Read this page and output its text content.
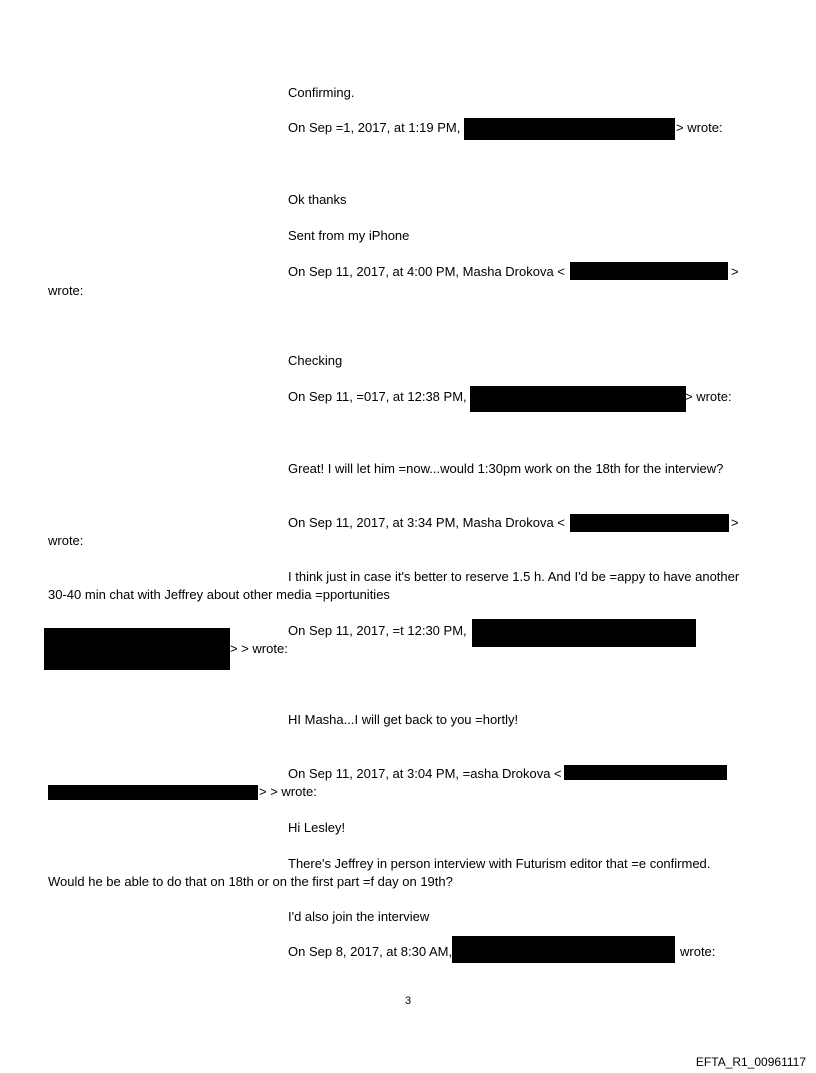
Confirming.
On Sep =1, 2017, at 1:19 PM,	> wrote:
Ok thanks
Sent from my iPhone
On Sep 11, 2017, at 4:00 PM, Masha Drokova <	>
wrote:
Checking
On Sep 11, =017, at 12:38 PM,	> wrote:
Great! I will let him =now...would 1:30pm work on the 18th for the interview?
On Sep 11, 2017, at 3:34 PM, Masha Drokova <	>
wrote:
I think just in case it's better to reserve 1.5 h. And I'd be =appy to have another
30-40 min chat with Jeffrey about other media =pportunities
On Sep 11, 2017, =t 12:30 PM,
> > wrote:
HI Masha...I will get back to you =hortly!
On Sep 11, 2017, at 3:04 PM, =asha Drokova <
> > wrote:
Hi Lesley!
There's Jeffrey in person interview with Futurism editor that =e confirmed.
Would he be able to do that on 18th or on the first part =f day on 19th?
I'd also join the interview
On Sep 8, 2017, at 8:30 AM,	wrote:
3
EFTA_R1_00961117
